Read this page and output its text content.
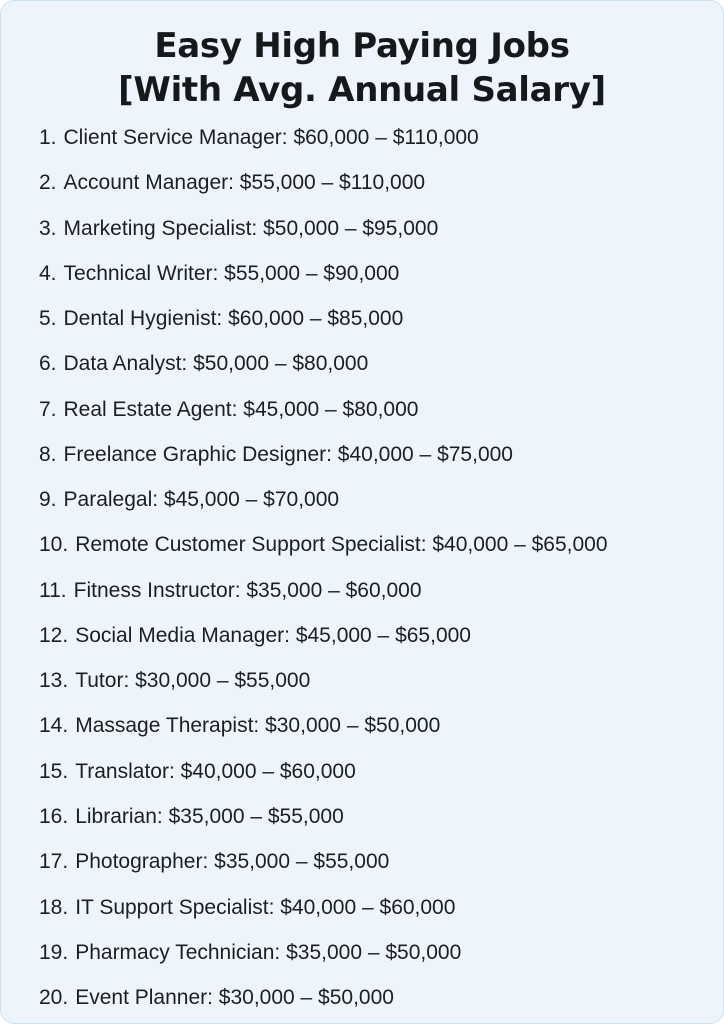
Easy High Paying Jobs
[With Avg. Annual Salary]
1. Client Service Manager: $60,000 – $110,000
2. Account Manager: $55,000 – $110,000
3. Marketing Specialist: $50,000 – $95,000
4. Technical Writer: $55,000 – $90,000
5. Dental Hygienist: $60,000 – $85,000
6. Data Analyst: $50,000 – $80,000
7. Real Estate Agent: $45,000 – $80,000
8. Freelance Graphic Designer: $40,000 – $75,000
9. Paralegal: $45,000 – $70,000
10. Remote Customer Support Specialist: $40,000 – $65,000
11. Fitness Instructor: $35,000 – $60,000
12. Social Media Manager: $45,000 – $65,000
13. Tutor: $30,000 – $55,000
14. Massage Therapist: $30,000 – $50,000
15. Translator: $40,000 – $60,000
16. Librarian: $35,000 – $55,000
17. Photographer: $35,000 – $55,000
18. IT Support Specialist: $40,000 – $60,000
19. Pharmacy Technician: $35,000 – $50,000
20. Event Planner: $30,000 – $50,000
